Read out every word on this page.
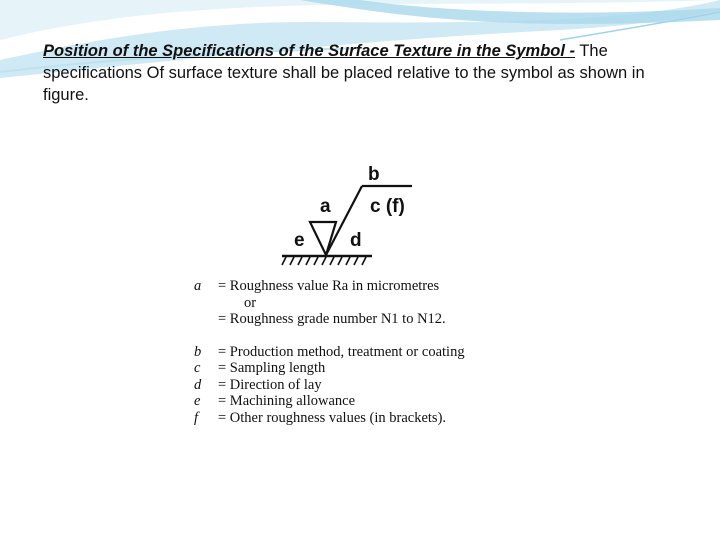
Position of the Specifications of the Surface Texture in the Symbol - The specifications Of surface texture shall be placed relative to the symbol as shown in figure.
b
a c (f)
e d
a = Roughness value Ra in micrometres
or
= Roughness grade number N1 to N12.
b = Production method, treatment or coating
c = Sampling length
d = Direction of lay
e = Machining allowance
f = Other roughness values (in brackets).
